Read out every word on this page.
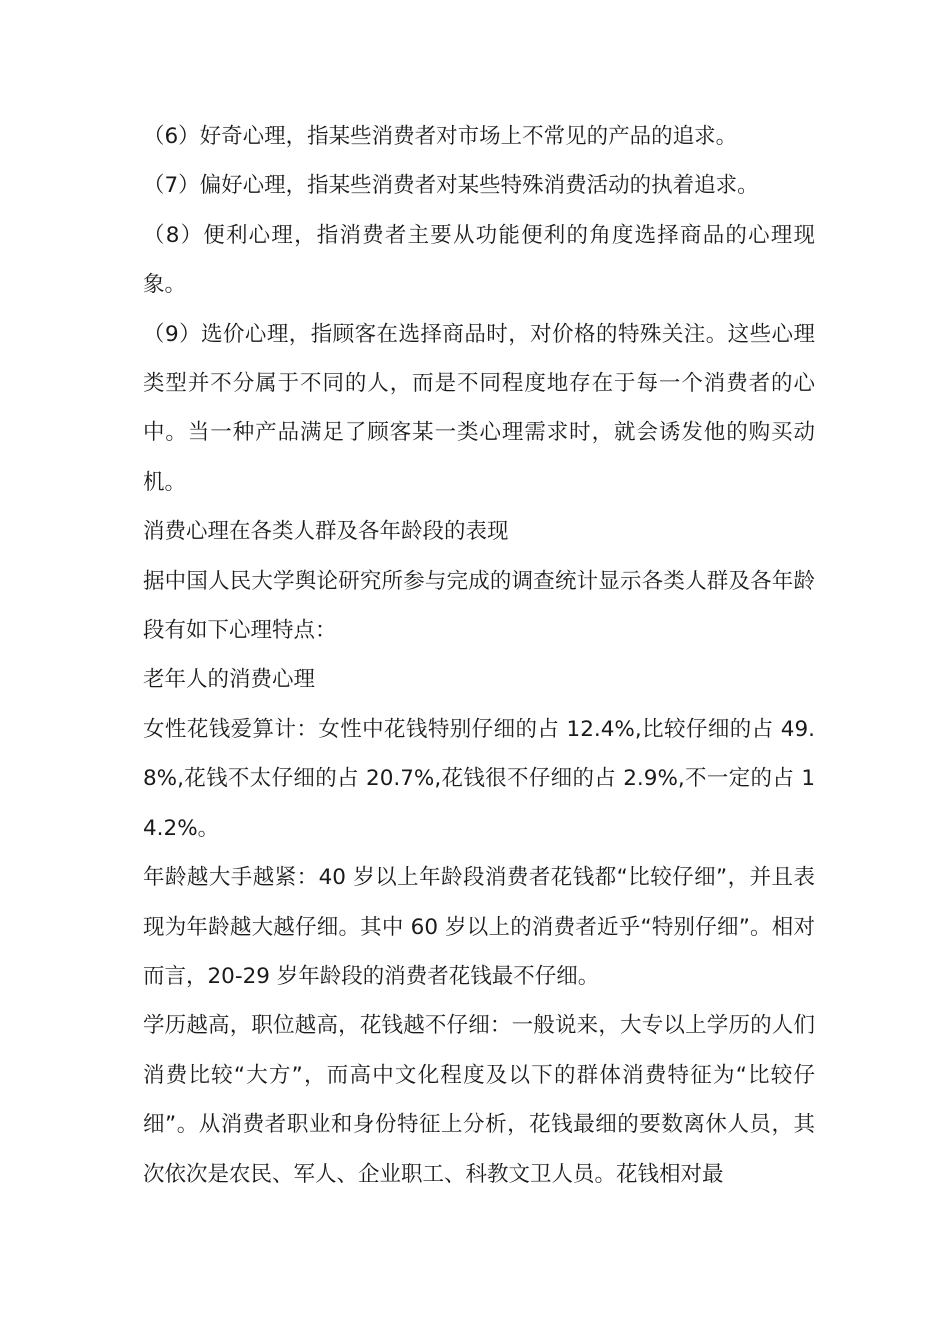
（6）好奇心理，指某些消费者对市场上不常见的产品的追求。

（7）偏好心理，指某些消费者对某些特殊消费活动的执着追求。

（8）便利心理，指消费者主要从功能便利的角度选择商品的心理现象。

（9）选价心理，指顾客在选择商品时，对价格的特殊关注。这些心理类型并不分属于不同的人，而是不同程度地存在于每一个消费者的心中。当一种产品满足了顾客某一类心理需求时，就会诱发他的购买动机。

消费心理在各类人群及各年龄段的表现

据中国人民大学舆论研究所参与完成的调查统计显示各类人群及各年龄段有如下心理特点：

老年人的消费心理

女性花钱爱算计：女性中花钱特别仔细的占 12.4%,比较仔细的占 49.8%,花钱不太仔细的占 20.7%,花钱很不仔细的占 2.9%,不一定的占 14.2%。

年龄越大手越紧：40 岁以上年龄段消费者花钱都“比较仔细”，并且表现为年龄越大越仔细。其中 60 岁以上的消费者近乎“特别仔细”。相对而言，20-29 岁年龄段的消费者花钱最不仔细。

学历越高，职位越高，花钱越不仔细：一般说来，大专以上学历的人们消费比较“大方”，而高中文化程度及以下的群体消费特征为“比较仔细”。从消费者职业和身份特征上分析，花钱最细的要数离休人员，其次依次是农民、军人、企业职工、科教文卫人员。花钱相对最
